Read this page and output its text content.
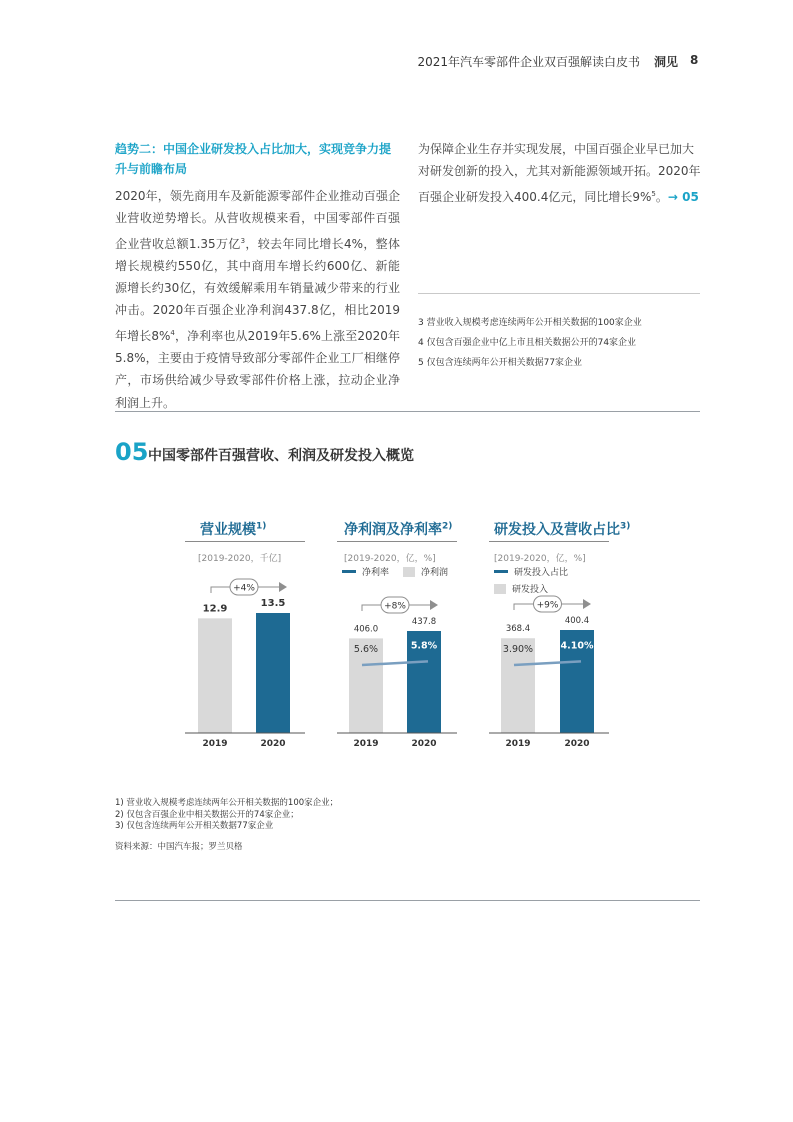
2021年汽车零部件企业双百强解读白皮书 洞见 8
趋势二：中国企业研发投入占比加大，实现竞争力提升与前瞻布局
2020年，领先商用车及新能源零部件企业推动百强企业营收逆势增长。从营收规模来看，中国零部件百强企业营收总额1.35万亿$^3$，较去年同比增长4%，整体增长规模约550亿，其中商用车增长约600亿、新能源增长约30亿，有效缓解乘用车销量减少带来的行业冲击。2020年百强企业净利润437.8亿，相比2019年增长8%$^4$，净利率也从2019年5.6%上涨至2020年5.8%，主要由于疫情导致部分零部件企业工厂相继停产，市场供给减少导致零部件价格上涨，拉动企业净利润上升。
为保障企业生存并实现发展，中国百强企业早已加大对研发创新的投入，尤其对新能源领域开拓。2020年百强企业研发投入400.4亿元，同比增长9%$^5$。→ 05
3 营业收入规模考虑连续两年公开相关数据的100家企业
4 仅包含百强企业中亿上市且相关数据公开的74家企业
5 仅包含连续两年公开相关数据77家企业
05 中国零部件百强营收、利润及研发投入概览
营业规模$^{1)}$
[2019-2020，千亿]
净利润及净利率$^{2)}$
[2019-2020，亿，%]
净利率	净利润
研发投入及营收占比$^{3)}$
[2019-2020，亿，%]
研发投入占比
研发投入
12.9
2019
13.5
2020
+4%
406.0
2019
437.8
2020
+8%
5.6%	5.8%
368.4
2019
400.4
2020
+9%
3.90%	4.10%
1) 营业收入规模考虑连续两年公开相关数据的100家企业；
2) 仅包含百强企业中相关数据公开的74家企业；
3) 仅包含连续两年公开相关数据77家企业
资料来源：中国汽车报；罗兰贝格
